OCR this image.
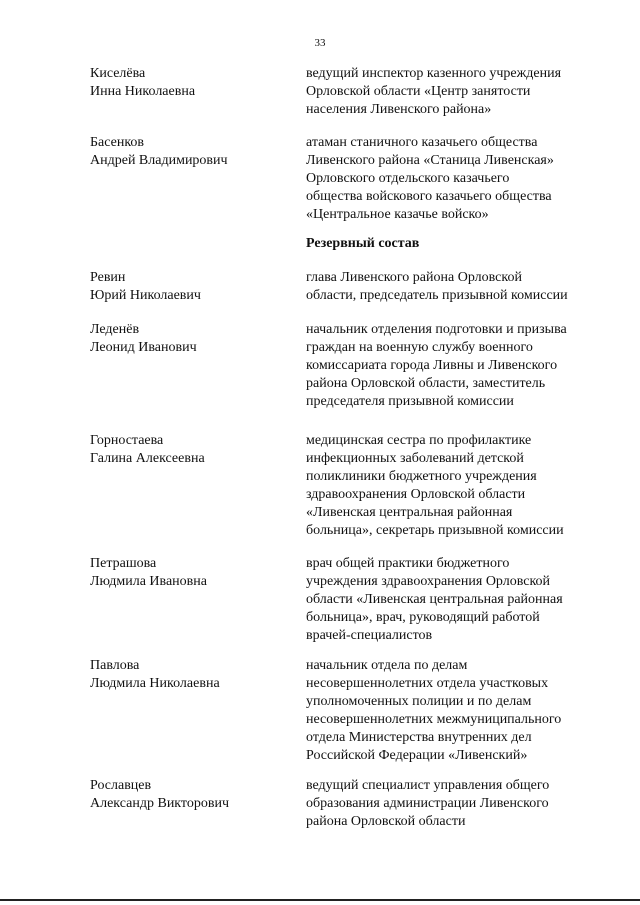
33
Киселёва
Инна Николаевна
ведущий инспектор казенного учреждения
Орловской области «Центр занятости
населения Ливенского района»
Басенков
Андрей Владимирович
атаман станичного казачьего общества
Ливенского района «Станица Ливенская»
Орловского отдельского казачьего
общества войскового казачьего общества
«Центральное казачье войско»
Резервный состав
Ревин
Юрий Николаевич
глава Ливенского района Орловской
области, председатель призывной комиссии
Леденёв
Леонид Иванович
начальник отделения подготовки и призыва
граждан на военную службу военного
комиссариата города Ливны и Ливенского
района Орловской области, заместитель
председателя призывной комиссии
Горностаева
Галина Алексеевна
медицинская сестра по профилактике
инфекционных заболеваний детской
поликлиники бюджетного учреждения
здравоохранения Орловской области
«Ливенская центральная районная
больница», секретарь призывной комиссии
Петрашова
Людмила Ивановна
врач общей практики бюджетного
учреждения здравоохранения Орловской
области «Ливенская центральная районная
больница», врач, руководящий работой
врачей-специалистов
Павлова
Людмила Николаевна
начальник отдела по делам
несовершеннолетних отдела участковых
уполномоченных полиции и по делам
несовершеннолетних межмуниципального
отдела Министерства внутренних дел
Российской Федерации «Ливенский»
Рославцев
Александр Викторович
ведущий специалист управления общего
образования администрации Ливенского
района Орловской области
